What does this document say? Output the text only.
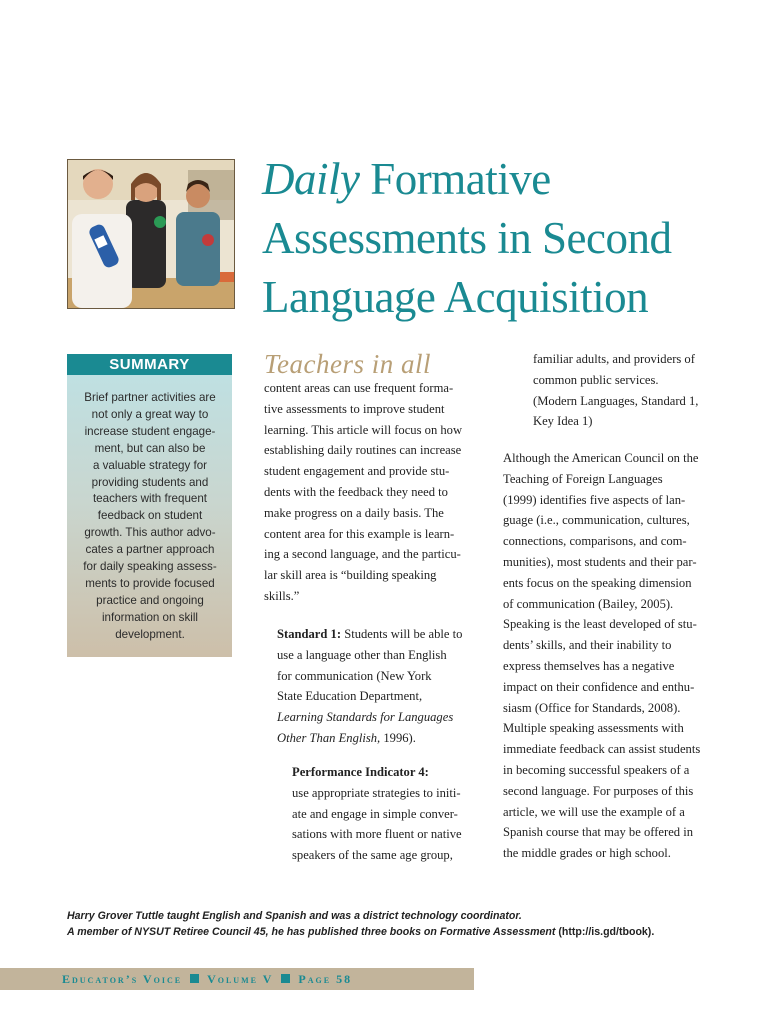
Daily Formative
Assessments in Second
Language Acquisition
SUMMARY
Brief partner activities are
not only a great way to
increase student engage-
ment, but can also be
a valuable strategy for
providing students and
teachers with frequent
feedback on student
growth. This author advo-
cates a partner approach
for daily speaking assess-
ments to provide focused
practice and ongoing
information on skill
development.
Teachers in all
content areas can use frequent forma-
tive assessments to improve student
learning. This article will focus on how
establishing daily routines can increase
student engagement and provide stu-
dents with the feedback they need to
make progress on a daily basis. The
content area for this example is learn-
ing a second language, and the particu-
lar skill area is “building speaking
skills.”
Standard 1: Students will be able to
use a language other than English
for communication (New York
State Education Department,
Learning Standards for Languages
Other Than English, 1996).
Performance Indicator 4:
use appropriate strategies to initi-
ate and engage in simple conver-
sations with more fluent or native
speakers of the same age group,
familiar adults, and providers of
common public services.
(Modern Languages, Standard 1,
Key Idea 1)
Although the American Council on the
Teaching of Foreign Languages
(1999) identifies five aspects of lan-
guage (i.e., communication, cultures,
connections, comparisons, and com-
munities), most students and their par-
ents focus on the speaking dimension
of communication (Bailey, 2005).
Speaking is the least developed of stu-
dents’ skills, and their inability to
express themselves has a negative
impact on their confidence and enthu-
siasm (Office for Standards, 2008).
Multiple speaking assessments with
immediate feedback can assist students
in becoming successful speakers of a
second language. For purposes of this
article, we will use the example of a
Spanish course that may be offered in
the middle grades or high school.
Harry Grover Tuttle taught English and Spanish and was a district technology coordinator.
A member of NYSUT Retiree Council 45, he has published three books on Formative Assessment (http://is.gd/tbook).
Educator’s Voice Volume V Page 58
